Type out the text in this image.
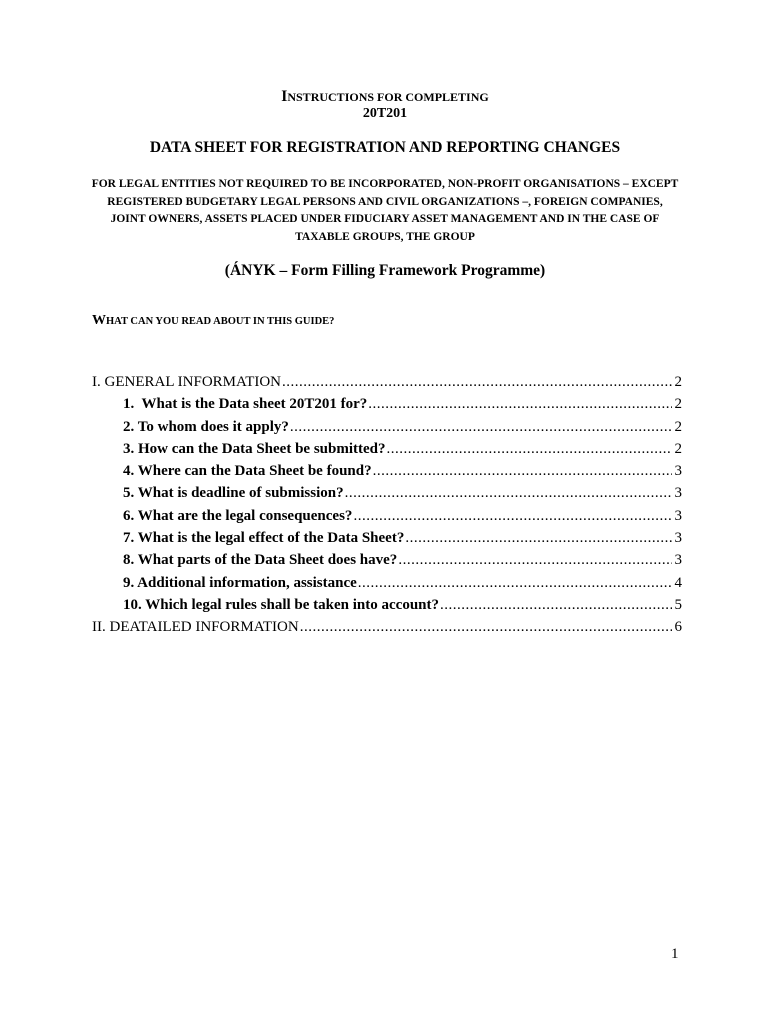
INSTRUCTIONS FOR COMPLETING
20T201
DATA SHEET FOR REGISTRATION AND REPORTING CHANGES
FOR LEGAL ENTITIES NOT REQUIRED TO BE INCORPORATED, NON-PROFIT ORGANISATIONS – EXCEPT REGISTERED BUDGETARY LEGAL PERSONS AND CIVIL ORGANIZATIONS –, FOREIGN COMPANIES, JOINT OWNERS, ASSETS PLACED UNDER FIDUCIARY ASSET MANAGEMENT AND IN THE CASE OF TAXABLE GROUPS, THE GROUP
(ÁNYK – Form Filling Framework Programme)
WHAT CAN YOU READ ABOUT IN THIS GUIDE?
I. GENERAL INFORMATION .....	2
1.  What is the Data sheet 20T201 for? .....	2
2. To whom does it apply? .....	2
3. How can the Data Sheet be submitted? .....	2
4. Where can the Data Sheet be found? .....	3
5. What is deadline of submission? .....	3
6. What are the legal consequences? .....	3
7. What is the legal effect of the Data Sheet? .....	3
8. What parts of the Data Sheet does have? .....	3
9. Additional information, assistance .....	4
10. Which legal rules shall be taken into account? .....	5
II. DEATAILED INFORMATION .....	6
1
